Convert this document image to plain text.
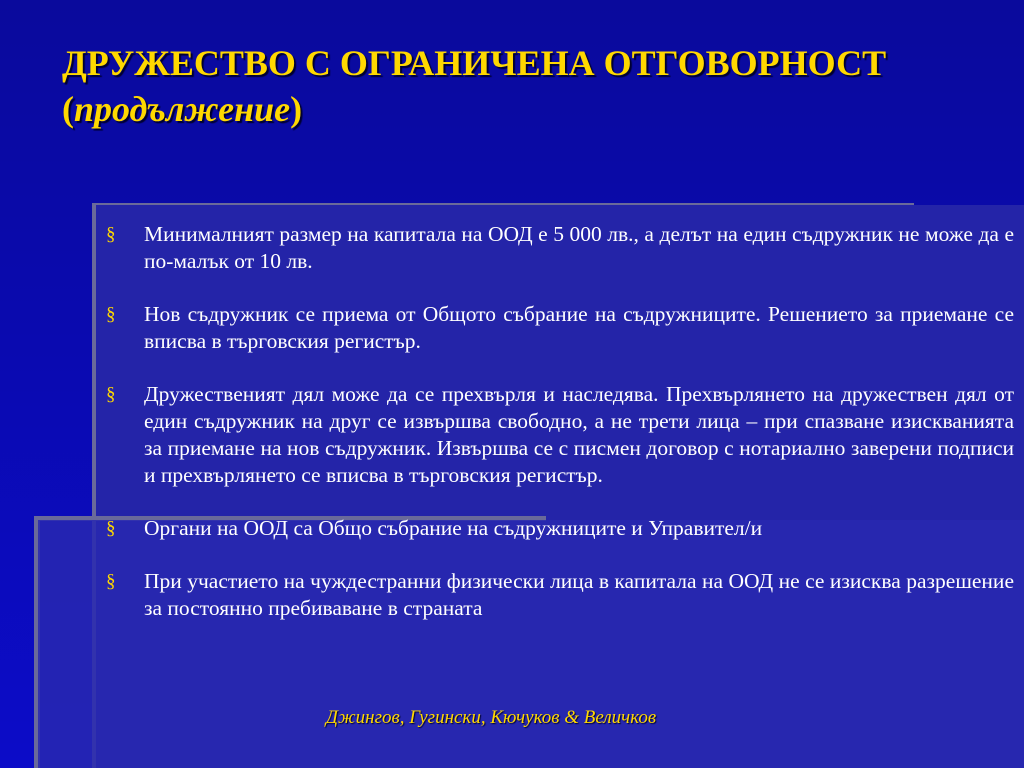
ДРУЖЕСТВО С ОГРАНИЧЕНА ОТГОВОРНОСТ
(продължение)
§ Минималният размер на капитала на ООД е 5 000 лв., а делът на един съдружник не може да е по-малък от 10 лв.
§ Нов съдружник се приема от Общото събрание на съдружниците. Решението за приемане се вписва в търговския регистър.
§ Дружественият дял може да се прехвърля и наследява. Прехвърлянето на дружествен дял от един съдружник на друг се извършва свободно, а не трети лица – при спазване изискванията за приемане на нов съдружник. Извършва се с писмен договор с нотариално заверени подписи и прехвърлянето се вписва в търговския регистър.
§ Органи на ООД са Общо събрание на съдружниците и Управител/и
§ При участието на чуждестранни физически лица в капитала на ООД не се изисква разрешение за постоянно пребиваване в страната
Джингов, Гугински, Кючуков & Величков
